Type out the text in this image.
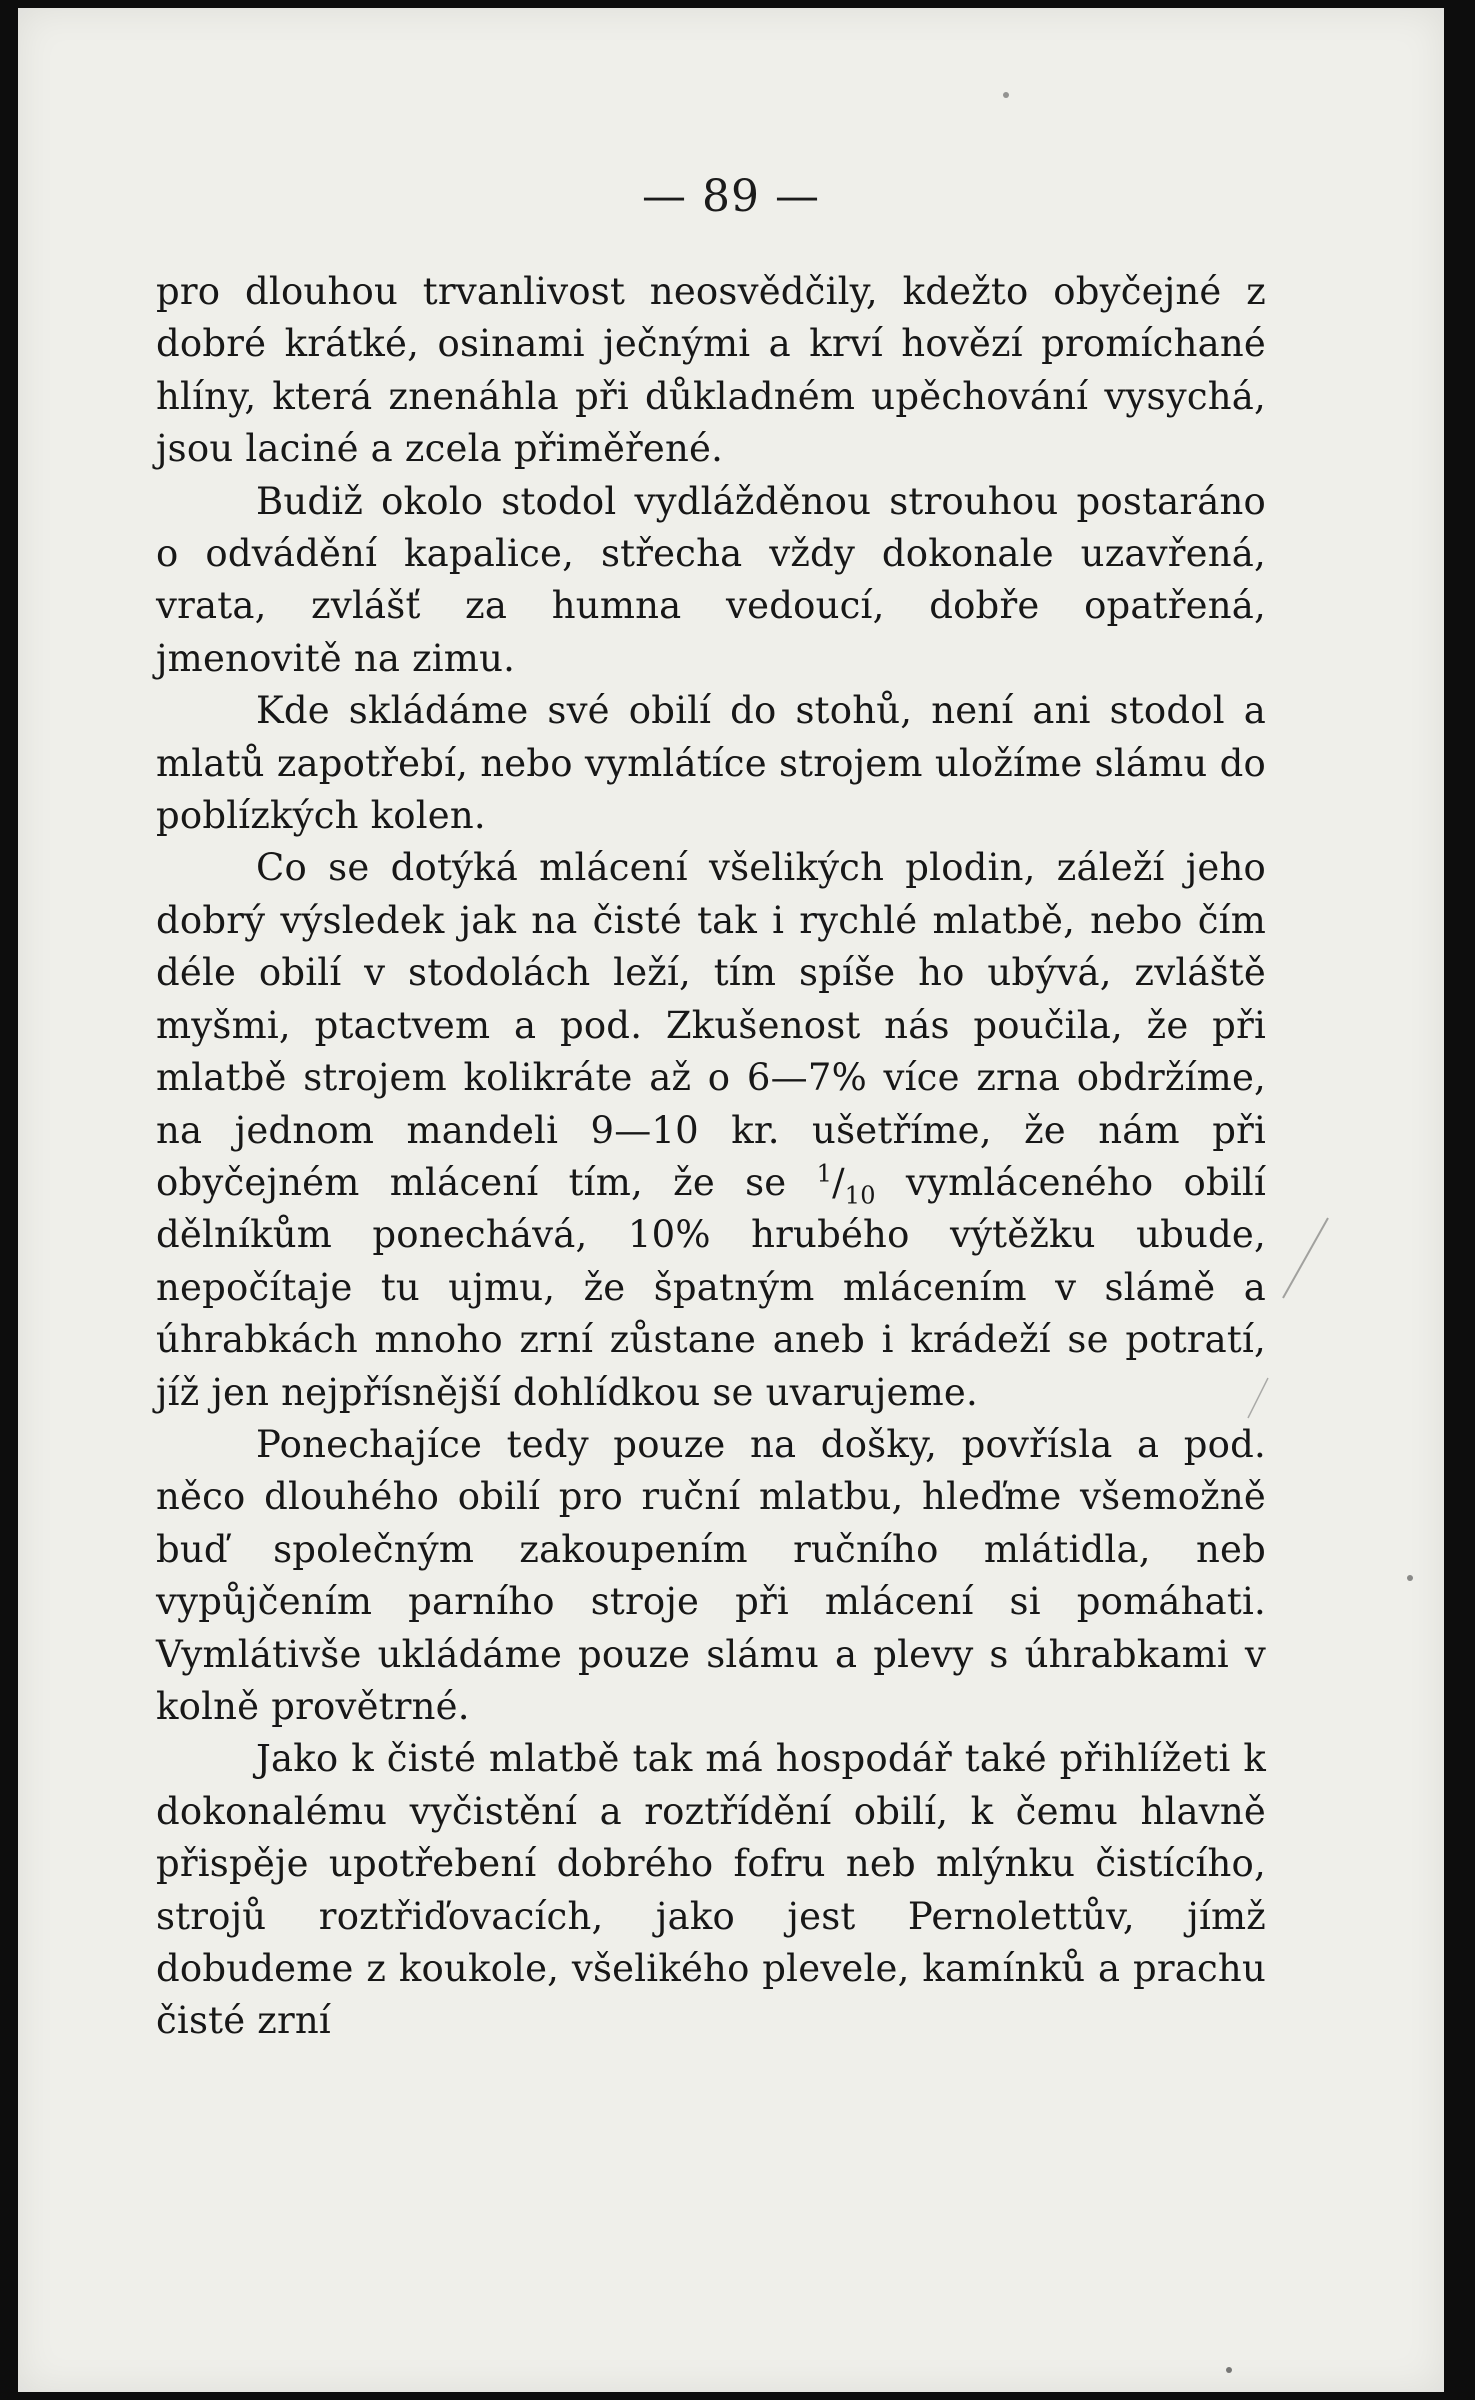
— 89 —

pro dlouhou trvanlivost neosvědčily, kdežto obyčejné z dobré krátké, osinami ječnými a krví hovězí promíchané hlíny, která znenáhla při důkladném upěchování vysychá, jsou laciné a zcela přiměřené.

Budiž okolo stodol vydlážděnou strouhou postaráno o odvádění kapalice, střecha vždy dokonale uzavřená, vrata, zvlášť za humna vedoucí, dobře opatřená, jmenovitě na zimu.

Kde skládáme své obilí do stohů, není ani stodol a mlatů zapotřebí, nebo vymlátíce strojem uložíme slámu do poblízkých kolen.

Co se dotýká mlácení všelikých plodin, záleží jeho dobrý výsledek jak na čisté tak i rychlé mlatbě, nebo čím déle obilí v stodolách leží, tím spíše ho ubývá, zvláště myšmi, ptactvem a pod. Zkušenost nás poučila, že při mlatbě strojem kolikráte až o 6—7% více zrna obdržíme, na jednom mandeli 9—10 kr. ušetříme, že nám při obyčejném mlácení tím, že se $^1/_{10}$ vymláceného obilí dělníkům ponechává, 10% hrubého výtěžku ubude, nepočítaje tu ujmu, že špatným mlácením v slámě a úhrabkách mnoho zrní zůstane aneb i krádeží se potratí, jíž jen nejpřísnější dohlídkou se uvarujeme.

Ponechajíce tedy pouze na došky, povřísla a pod. něco dlouhého obilí pro ruční mlatbu, hleďme všemožně buď společným zakoupením ručního mlátidla, neb vypůjčením parního stroje při mlácení si pomáhati. Vymlátivše ukládáme pouze slámu a plevy s úhrabkami v kolně provětrné.

Jako k čisté mlatbě tak má hospodář také přihlížeti k dokonalému vyčistění a roztřídění obilí, k čemu hlavně přispěje upotřebení dobrého fofru neb mlýnku čistícího, strojů roztřiďovacích, jako jest Pernolettův, jímž dobudeme z koukole, všelikého plevele, kamínků a prachu čisté zrní
